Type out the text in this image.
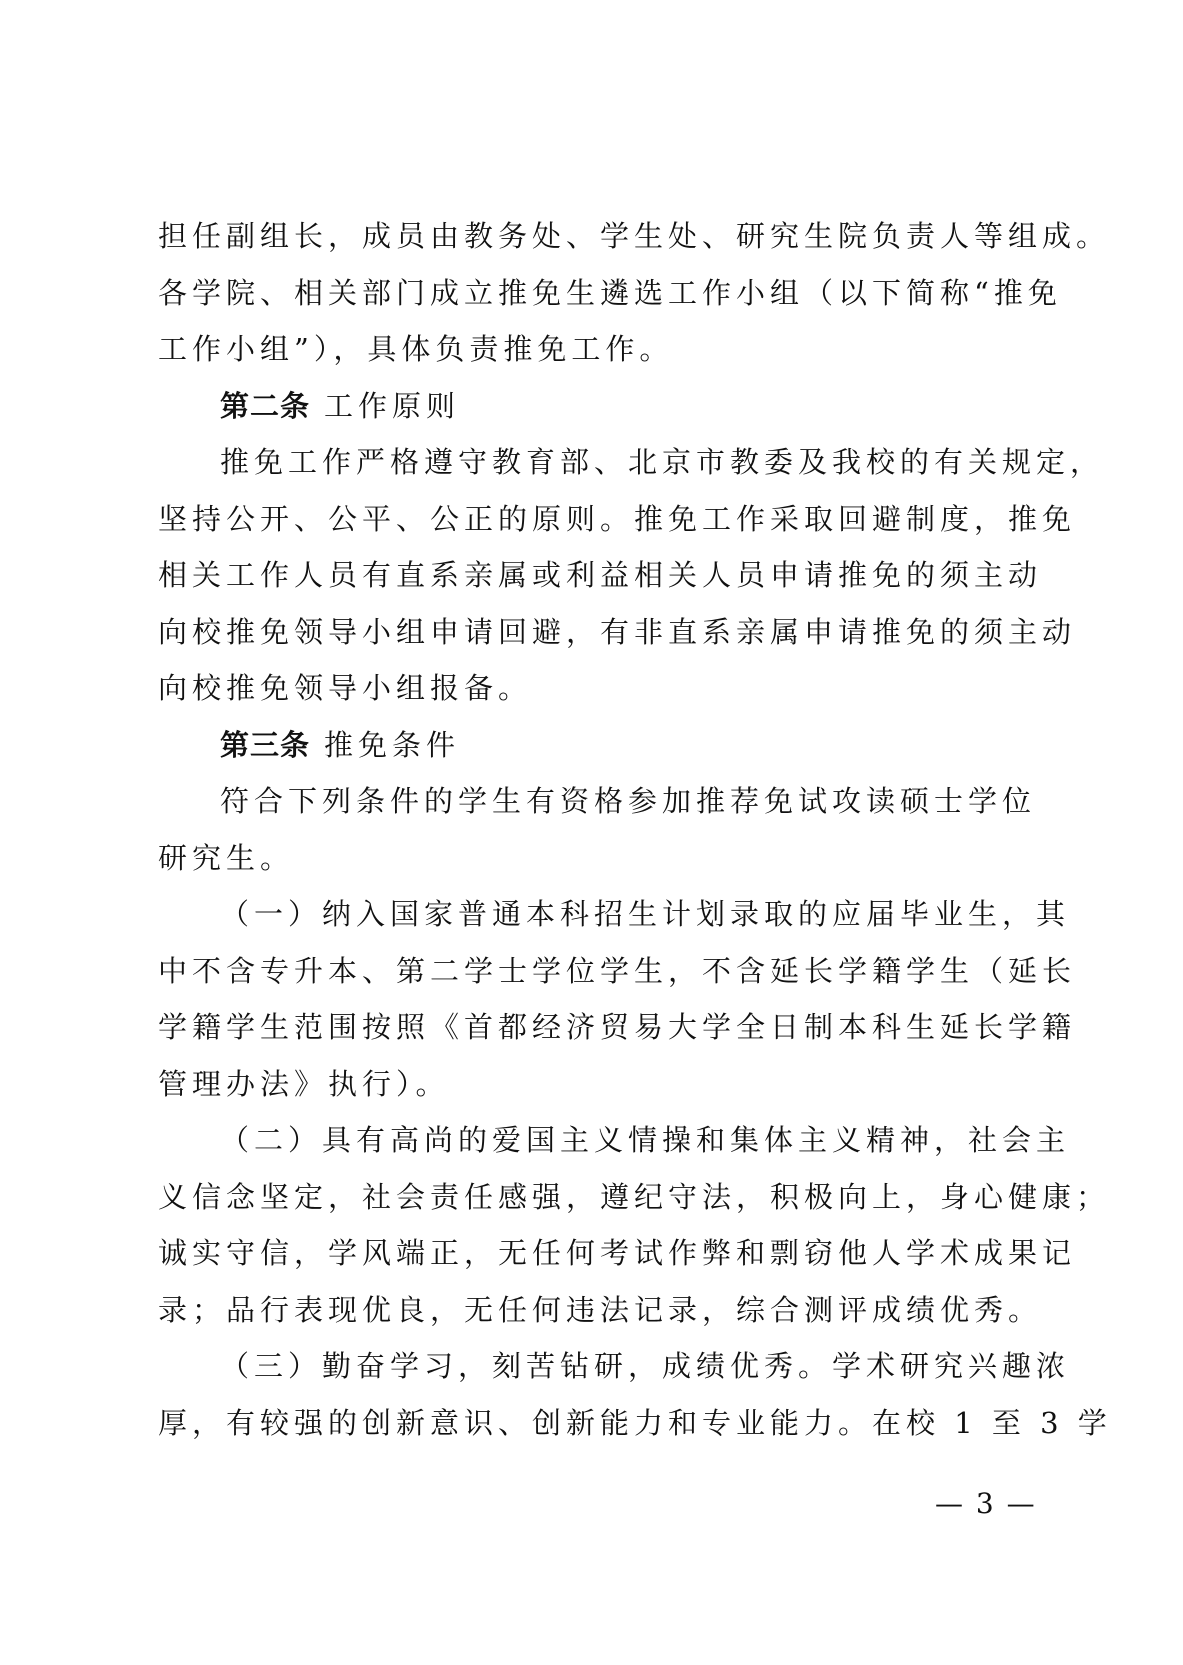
担任副组长，成员由教务处、学生处、研究生院负责人等组成。
各学院、相关部门成立推免生遴选工作小组（以下简称“推免
工作小组”），具体负责推免工作。
第二条 工作原则
推免工作严格遵守教育部、北京市教委及我校的有关规定，
坚持公开、公平、公正的原则。推免工作采取回避制度，推免
相关工作人员有直系亲属或利益相关人员申请推免的须主动
向校推免领导小组申请回避，有非直系亲属申请推免的须主动
向校推免领导小组报备。
第三条 推免条件
符合下列条件的学生有资格参加推荐免试攻读硕士学位
研究生。
（一）纳入国家普通本科招生计划录取的应届毕业生，其
中不含专升本、第二学士学位学生，不含延长学籍学生（延长
学籍学生范围按照《首都经济贸易大学全日制本科生延长学籍
管理办法》执行）。
（二）具有高尚的爱国主义情操和集体主义精神，社会主
义信念坚定，社会责任感强，遵纪守法，积极向上，身心健康；
诚实守信，学风端正，无任何考试作弊和剽窃他人学术成果记
录；品行表现优良，无任何违法记录，综合测评成绩优秀。
（三）勤奋学习，刻苦钻研，成绩优秀。学术研究兴趣浓
厚，有较强的创新意识、创新能力和专业能力。在校 1 至 3 学
— 3 —
